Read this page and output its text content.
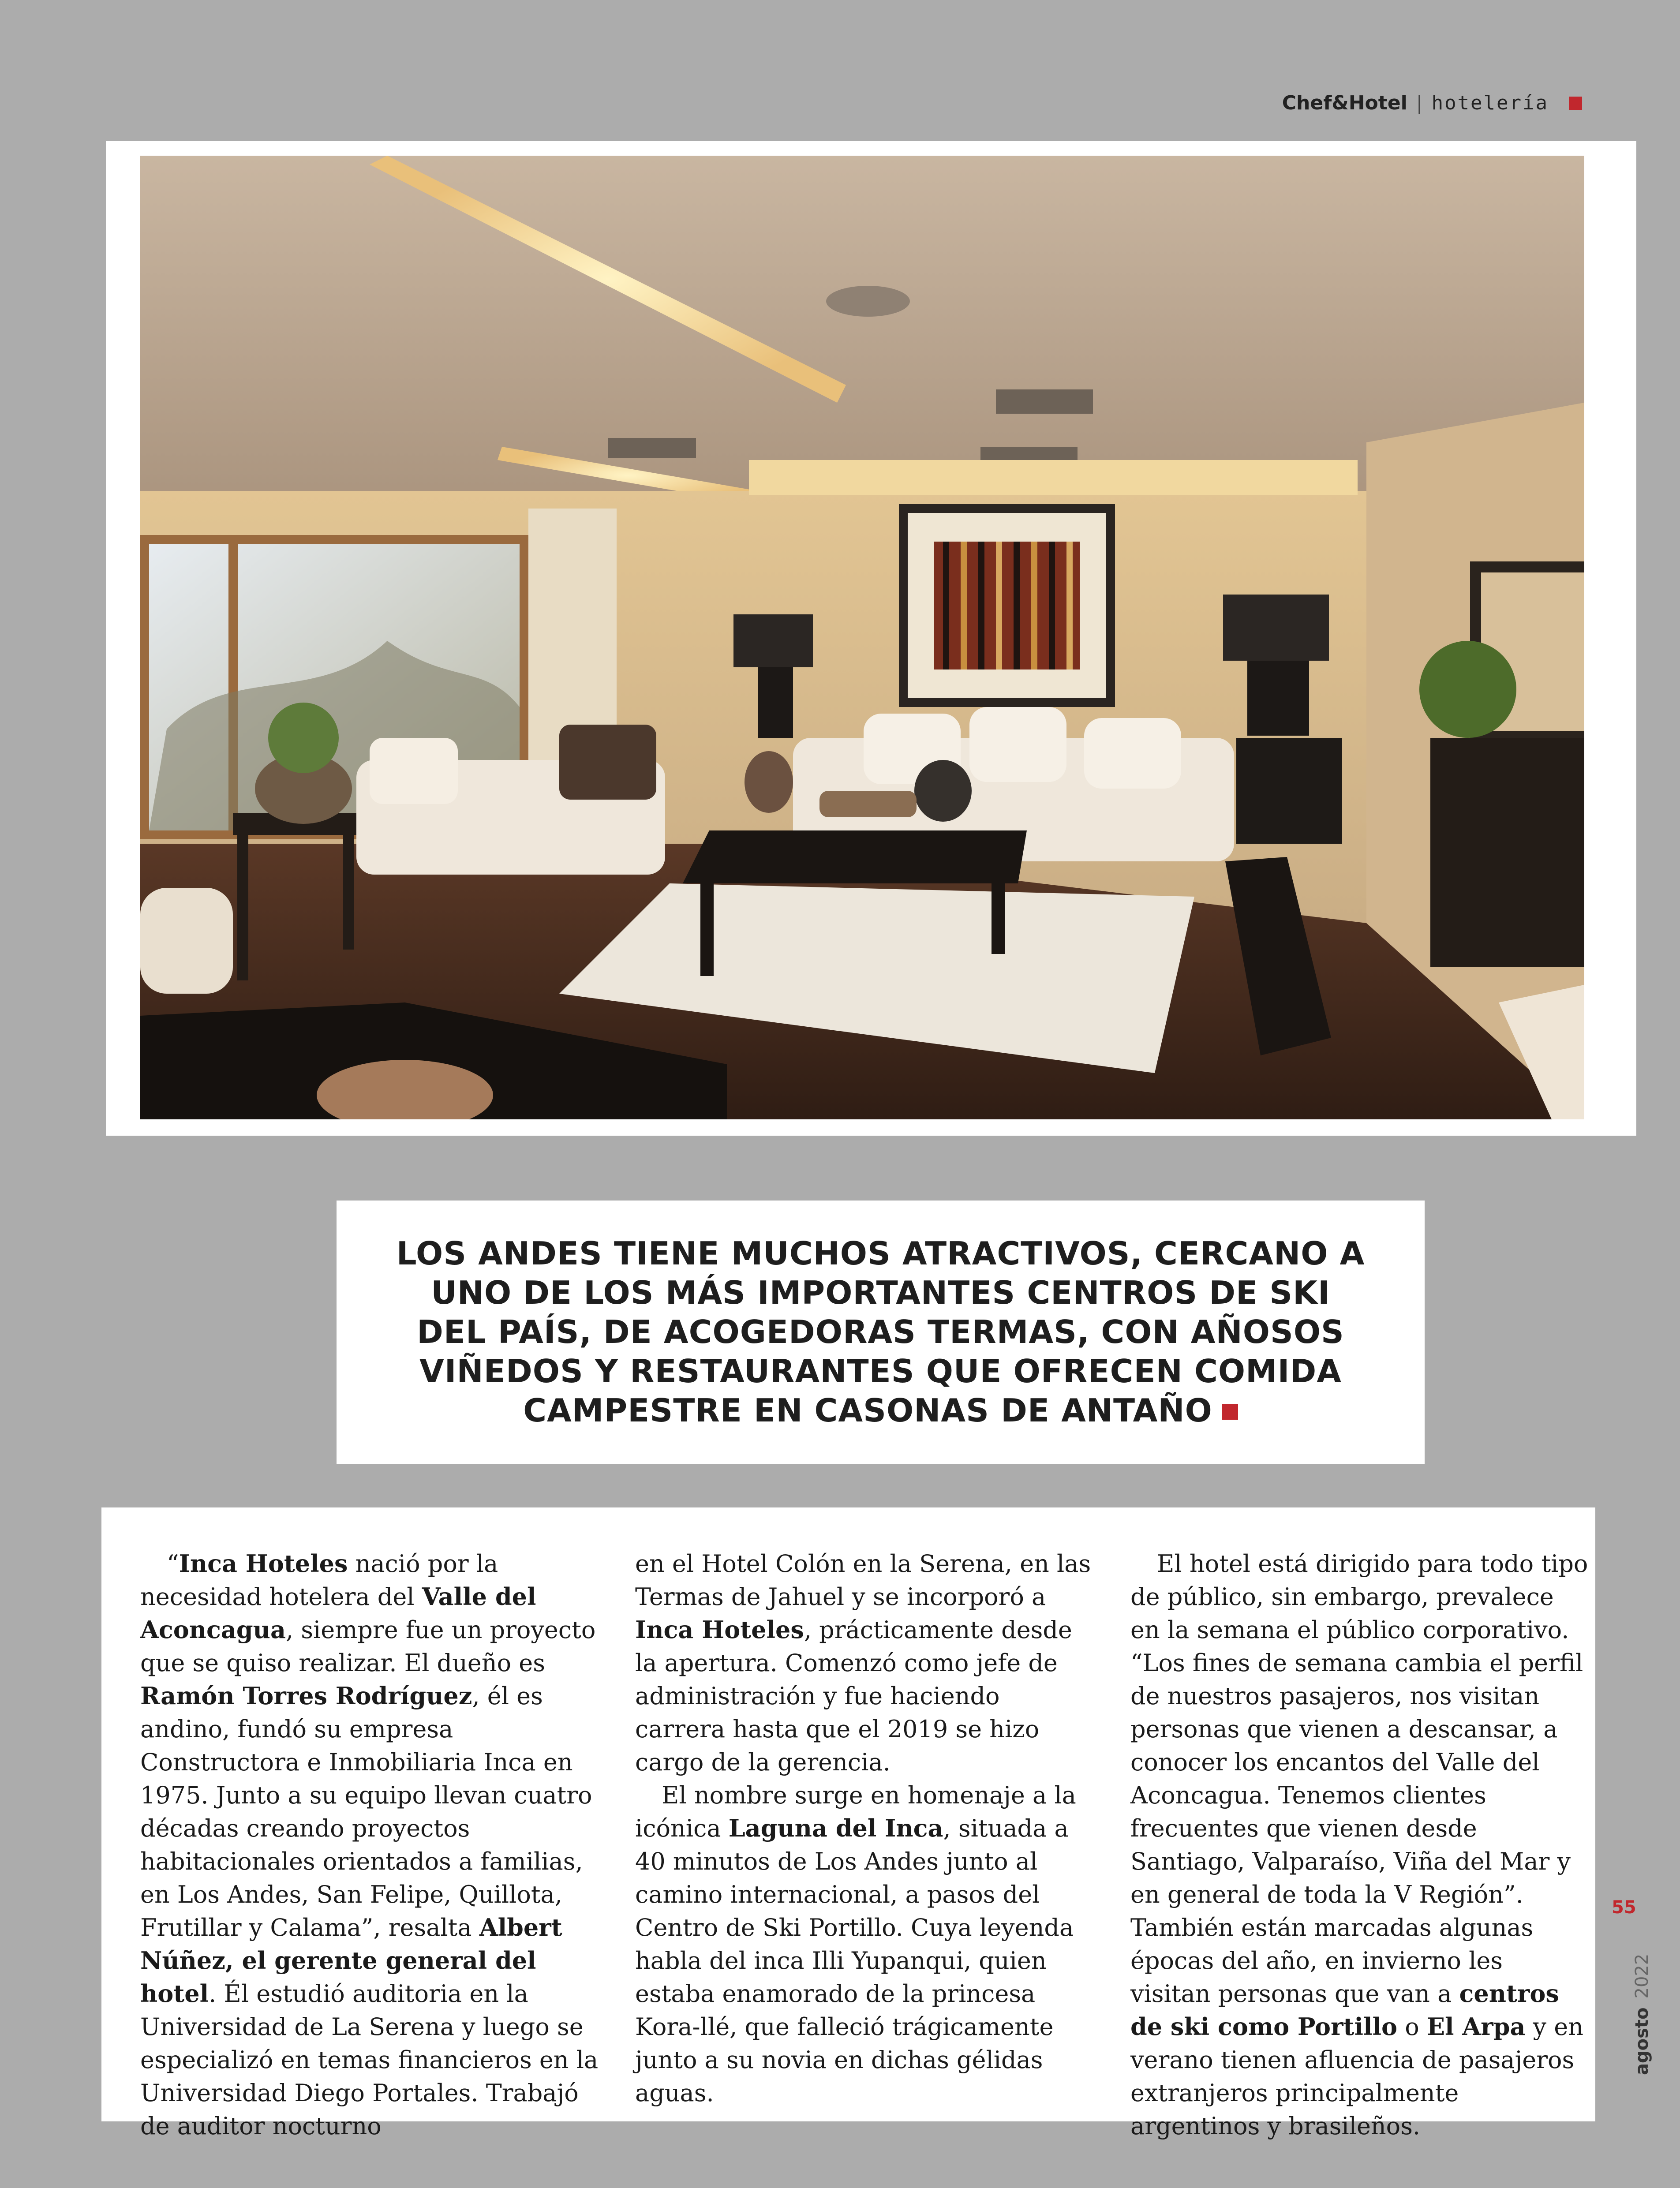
Chef&Hotel | hotelería
LOS ANDES TIENE MUCHOS ATRACTIVOS, CERCANO A UNO DE LOS MÁS IMPORTANTES CENTROS DE SKI DEL PAÍS, DE ACOGEDORAS TERMAS, CON AÑOSOS VIÑEDOS Y RESTAURANTES QUE OFRECEN COMIDA CAMPESTRE EN CASONAS DE ANTAÑO

“Inca Hoteles nació por la necesidad hotelera del Valle del Aconcagua, siempre fue un proyecto que se quiso realizar. El dueño es Ramón Torres Rodríguez, él es andino, fundó su empresa Constructora e Inmobiliaria Inca en 1975. Junto a su equipo llevan cuatro décadas creando proyectos habitacionales orientados a familias, en Los Andes, San Felipe, Quillota, Frutillar y Calama”, resalta Albert Núñez, el gerente general del hotel. Él estudió auditoria en la Universidad de La Serena y luego se especializó en temas financieros en la Universidad Diego Portales. Trabajó de auditor nocturno

en el Hotel Colón en la Serena, en las Termas de Jahuel y se incorporó a Inca Hoteles, prácticamente desde la apertura. Comenzó como jefe de administración y fue haciendo carrera hasta que el 2019 se hizo cargo de la gerencia.

El nombre surge en homenaje a la icónica Laguna del Inca, situada a 40 minutos de Los Andes junto al camino internacional, a pasos del Centro de Ski Portillo. Cuya leyenda habla del inca Illi Yupanqui, quien estaba enamorado de la princesa Kora-llé, que falleció trágicamente junto a su novia en dichas gélidas aguas.

El hotel está dirigido para todo tipo de público, sin embargo, prevalece en la semana el público corporativo. “Los fines de semana cambia el perfil de nuestros pasajeros, nos visitan personas que vienen a descansar, a conocer los encantos del Valle del Aconcagua. Tenemos clientes frecuentes que vienen desde Santiago, Valparaíso, Viña del Mar y en general de toda la V Región”. También están marcadas algunas épocas del año, en invierno les visitan personas que van a centros de ski como Portillo o El Arpa y en verano tienen afluencia de pasajeros extranjeros principalmente argentinos y brasileños.

55
agosto2022
